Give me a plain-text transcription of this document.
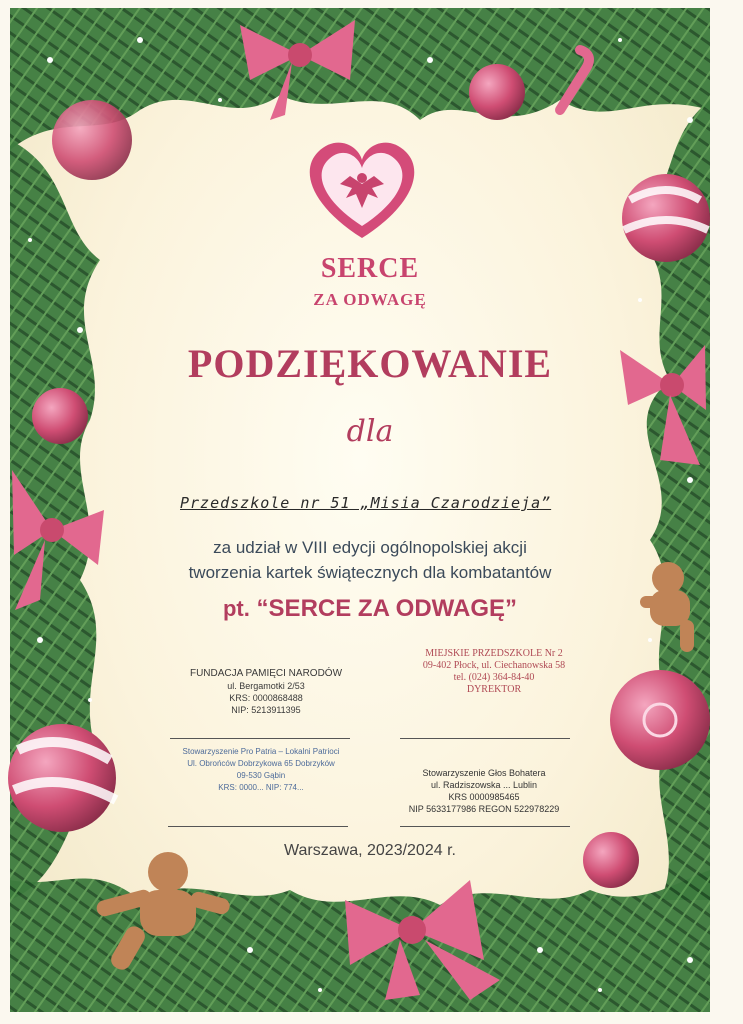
SERCE
ZA ODWAGĘ
PODZIĘKOWANIE
dla
Przedszkole nr 51 „Misia Czarodzieja”
za udział w VIII edycji ogólnopolskiej akcji
tworzenia kartek świątecznych dla kombatantów
pt. “SERCE ZA ODWAGĘ”
FUNDACJA PAMIĘCI NARODÓW
ul. Bergamotki 2/53
KRS: 0000868488
NIP: 5213911395
MIEJSKIE PRZEDSZKOLE Nr 2
09-402 Płock, ul. Ciechanowska 58
tel. (024) 364-84-40
DYREKTOR
Stowarzyszenie Pro Patria – Lokalni Patrioci
Ul. Obrońców Dobrzykowa 65 Dobrzyków
09-530 Gąbin
KRS: 0000... NIP: 774...
Stowarzyszenie Głos Bohatera
ul. Radziszowska ... Lublin
KRS 0000985465
NIP 5633177986 REGON 522978229
Warszawa, 2023/2024 r.
